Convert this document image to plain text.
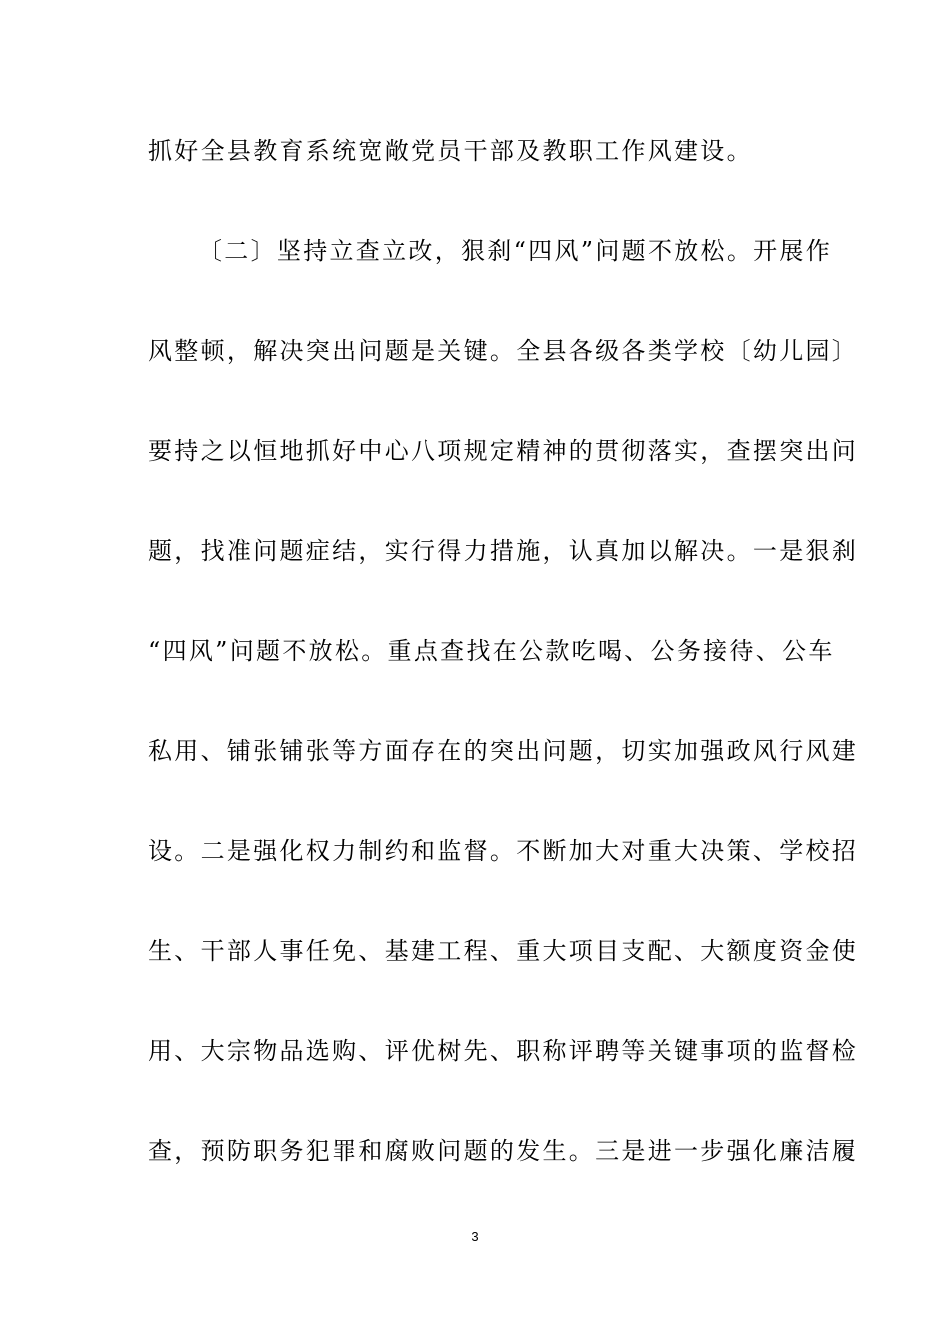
抓好全县教育系统宽敞党员干部及教职工作风建设。
〔二〕坚持立查立改，狠刹“四风”问题不放松。开展作
风整顿，解决突出问题是关键。全县各级各类学校〔幼儿园〕
要持之以恒地抓好中心八项规定精神的贯彻落实，查摆突出问
题，找准问题症结，实行得力措施，认真加以解决。一是狠刹
“四风”问题不放松。重点查找在公款吃喝、公务接待、公车
私用、铺张铺张等方面存在的突出问题，切实加强政风行风建
设。二是强化权力制约和监督。不断加大对重大决策、学校招
生、干部人事任免、基建工程、重大项目支配、大额度资金使
用、大宗物品选购、评优树先、职称评聘等关键事项的监督检
查，预防职务犯罪和腐败问题的发生。三是进一步强化廉洁履
3
